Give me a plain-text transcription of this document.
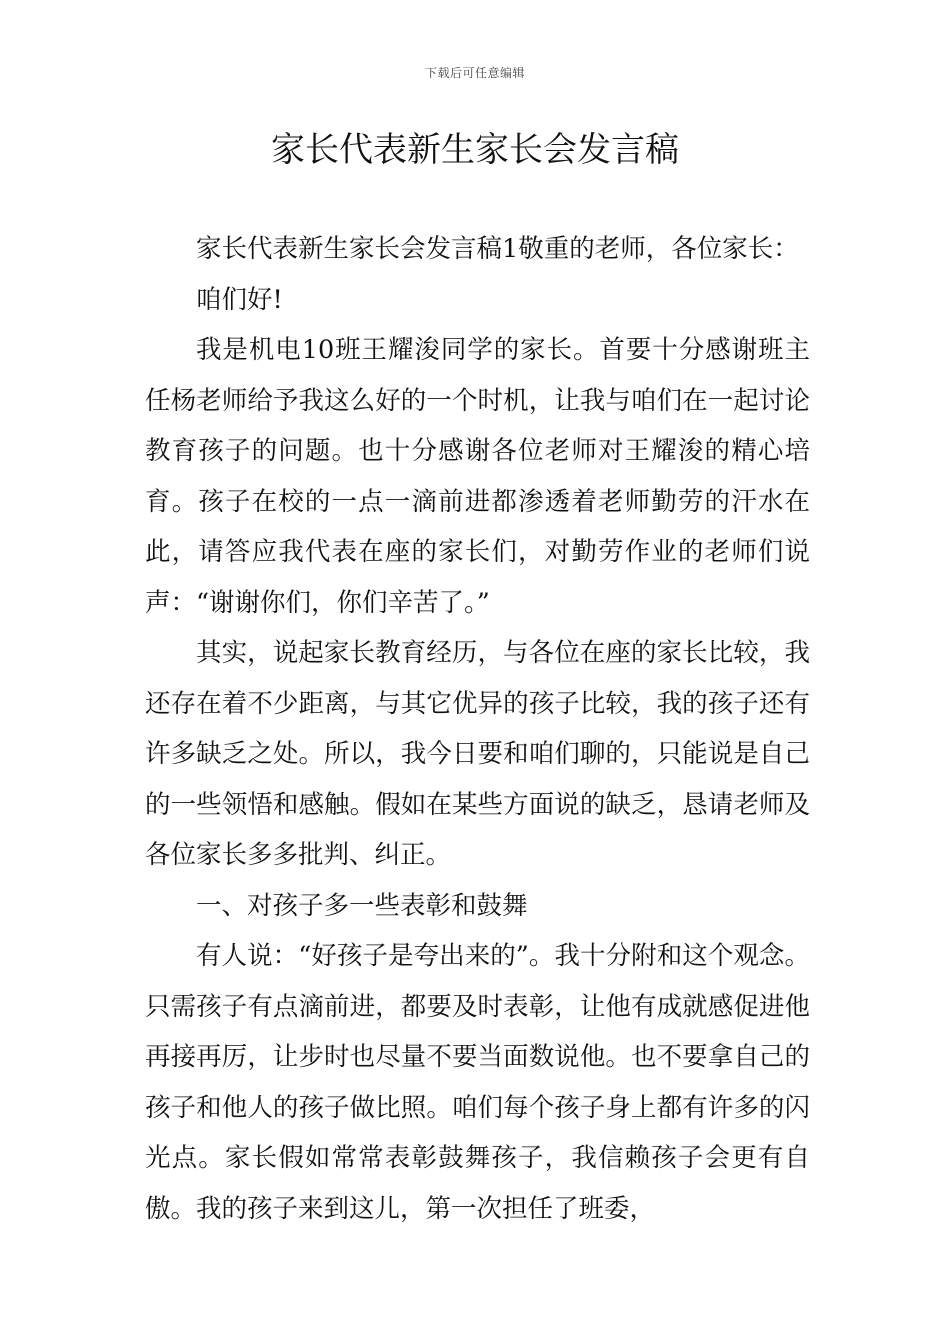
下载后可任意编辑
家长代表新生家长会发言稿

家长代表新生家长会发言稿1敬重的老师，各位家长：

咱们好!

我是机电10班王耀浚同学的家长。首要十分感谢班主任杨老师给予我这么好的一个时机，让我与咱们在一起讨论教育孩子的问题。也十分感谢各位老师对王耀浚的精心培育。孩子在校的一点一滴前进都渗透着老师勤劳的汗水在此，请答应我代表在座的家长们，对勤劳作业的老师们说声：“谢谢你们，你们辛苦了。”

其实，说起家长教育经历，与各位在座的家长比较，我还存在着不少距离，与其它优异的孩子比较，我的孩子还有许多缺乏之处。所以，我今日要和咱们聊的，只能说是自己的一些领悟和感触。假如在某些方面说的缺乏，恳请老师及各位家长多多批判、纠正。

一、对孩子多一些表彰和鼓舞

有人说：“好孩子是夸出来的”。我十分附和这个观念。只需孩子有点滴前进，都要及时表彰，让他有成就感促进他再接再厉，让步时也尽量不要当面数说他。也不要拿自己的孩子和他人的孩子做比照。咱们每个孩子身上都有许多的闪光点。家长假如常常表彰鼓舞孩子，我信赖孩子会更有自傲。我的孩子来到这儿，第一次担任了班委，
